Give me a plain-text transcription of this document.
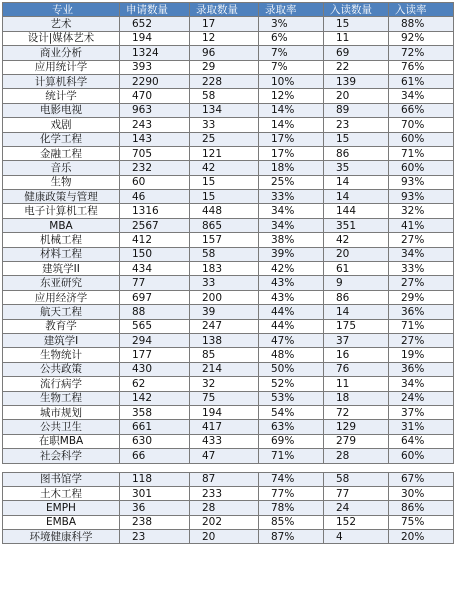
专业	申请数量	录取数量	录取率	入读数量	入读率
艺术	652	17	3%	15	88%
设计|媒体艺术	194	12	6%	11	92%
商业分析	1324	96	7%	69	72%
应用统计学	393	29	7%	22	76%
计算机科学	2290	228	10%	139	61%
统计学	470	58	12%	20	34%
电影电视	963	134	14%	89	66%
戏剧	243	33	14%	23	70%
化学工程	143	25	17%	15	60%
金融工程	705	121	17%	86	71%
音乐	232	42	18%	35	60%
生物	60	15	25%	14	93%
健康政策与管理	46	15	33%	14	93%
电子计算机工程	1316	448	34%	144	32%
MBA	2567	865	34%	351	41%
机械工程	412	157	38%	42	27%
材料工程	150	58	39%	20	34%
建筑学II	434	183	42%	61	33%
东亚研究	77	33	43%	9	27%
应用经济学	697	200	43%	86	29%
航天工程	88	39	44%	14	36%
教育学	565	247	44%	175	71%
建筑学I	294	138	47%	37	27%
生物统计	177	85	48%	16	19%
公共政策	430	214	50%	76	36%
流行病学	62	32	52%	11	34%
生物工程	142	75	53%	18	24%
城市规划	358	194	54%	72	37%
公共卫生	661	417	63%	129	31%
在职MBA	630	433	69%	279	64%
社会科学	66	47	71%	28	60%
图书馆学	118	87	74%	58	67%
土木工程	301	233	77%	77	30%
EMPH	36	28	78%	24	86%
EMBA	238	202	85%	152	75%
环境健康科学	23	20	87%	4	20%
